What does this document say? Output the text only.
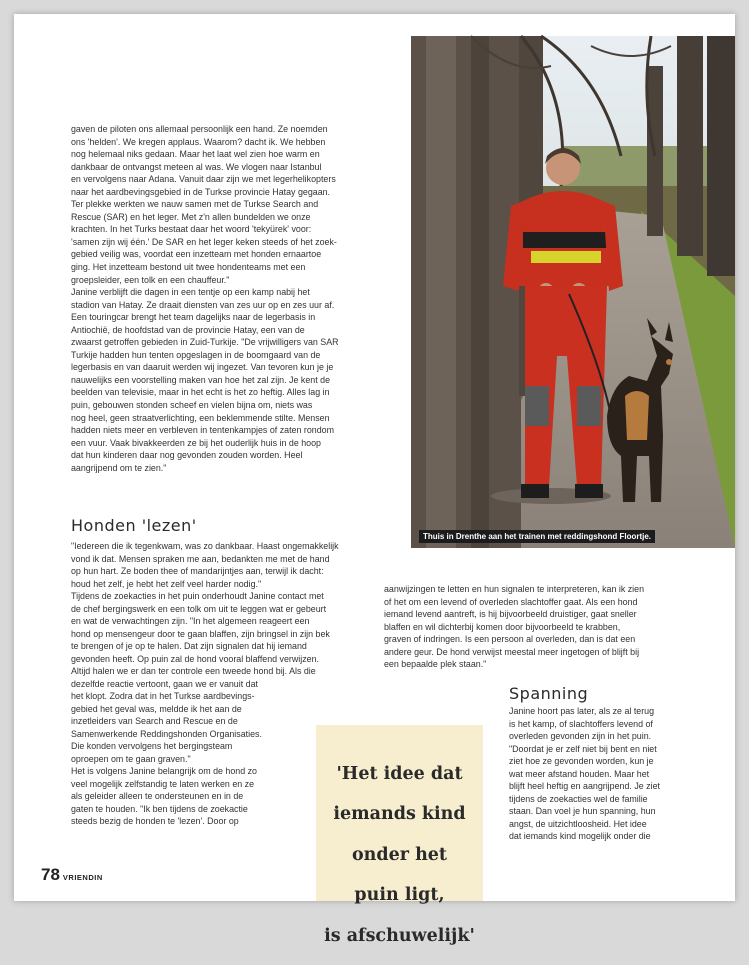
gaven de piloten ons allemaal persoonlijk een hand. Ze noemden

ons 'helden'. We kregen applaus. Waarom? dacht ik. We hebben

nog helemaal niks gedaan. Maar het laat wel zien hoe warm en

dankbaar de ontvangst meteen al was. We vlogen naar Istanbul

en vervolgens naar Adana. Vanuit daar zijn we met legerhelikopters

naar het aardbevingsgebied in de Turkse provincie Hatay gegaan.

Ter plekke werkten we nauw samen met de Turkse Search and

Rescue (SAR) en het leger. Met z'n allen bundelden we onze

krachten. In het Turks bestaat daar het woord 'tekyürek' voor:

'samen zijn wij één.' De SAR en het leger keken steeds of het zoek-

gebied veilig was, voordat een inzetteam met honden ernaartoe

ging. Het inzetteam bestond uit twee hondenteams met een

groepsleider, een tolk en een chauffeur."

Janine verblijft die dagen in een tentje op een kamp nabij het

stadion van Hatay. Ze draait diensten van zes uur op en zes uur af.

Een touringcar brengt het team dagelijks naar de legerbasis in

Antiochië, de hoofdstad van de provincie Hatay, een van de

zwaarst getroffen gebieden in Zuid-Turkije. "De vrijwilligers van SAR

Turkije hadden hun tenten opgeslagen in de boomgaard van de

legerbasis en van daaruit werden wij ingezet. Van tevoren kun je je

nauwelijks een voorstelling maken van hoe het zal zijn. Je kent de

beelden van televisie, maar in het echt is het zo heftig. Alles lag in

puin, gebouwen stonden scheef en vielen bijna om, niets was

nog heel, geen straatverlichting, een beklemmende stilte. Mensen

hadden niets meer en verbleven in tentenkampjes of zaten rondom

een vuur. Vaak bivakkeerden ze bij het ouderlijk huis in de hoop

dat hun kinderen daar nog gevonden zouden worden. Heel

aangrijpend om te zien."

Honden 'lezen'

"Iedereen die ik tegenkwam, was zo dankbaar. Haast ongemakkelijk

vond ik dat. Mensen spraken me aan, bedankten me met de hand

op hun hart. Ze boden thee of mandarijntjes aan, terwijl ik dacht:

houd het zelf, je hebt het zelf veel harder nodig."

Tijdens de zoekacties in het puin onderhoudt Janine contact met

de chef bergingswerk en een tolk om uit te leggen wat er gebeurt

en wat de verwachtingen zijn. "In het algemeen reageert een

hond op mensengeur door te gaan blaffen, zijn bringsel in zijn bek

te brengen of je op te halen. Dat zijn signalen dat hij iemand

gevonden heeft. Op puin zal de hond vooral blaffend verwijzen.

Altijd halen we er dan ter controle een tweede hond bij. Als die

dezelfde reactie vertoont, gaan we er vanuit dat

het klopt. Zodra dat in het Turkse aardbevings-

gebied het geval was, meldde ik het aan de

inzetleiders van Search and Rescue en de

Samenwerkende Reddingshonden Organisaties.

Die konden vervolgens het bergingsteam

oproepen om te gaan graven."

Het is volgens Janine belangrijk om de hond zo

veel mogelijk zelfstandig te laten werken en ze

als geleider alleen te ondersteunen en in de

gaten te houden. "Ik ben tijdens de zoekactie

steeds bezig de honden te 'lezen'. Door op

aanwijzingen te letten en hun signalen te interpreteren, kan ik zien

of het om een levend of overleden slachtoffer gaat. Als een hond

iemand levend aantreft, is hij bijvoorbeeld druistiger, gaat sneller

blaffen en wil dichterbij komen door bijvoorbeeld te krabben,

graven of indringen. Is een persoon al overleden, dan is dat een

andere geur. De hond verwijst meestal meer ingetogen of blijft bij

een bepaalde plek staan."

Spanning

Janine hoort pas later, als ze al terug

is het kamp, of slachtoffers levend of

overleden gevonden zijn in het puin.

"Doordat je er zelf niet bij bent en niet

ziet hoe ze gevonden worden, kun je

wat meer afstand houden. Maar het

blijft heel heftig en aangrijpend. Je ziet

tijdens de zoekacties wel de familie

staan. Dan voel je hun spanning, hun

angst, de uitzichtloosheid. Het idee

dat iemands kind mogelijk onder die

Thuis in Drenthe aan het trainen met reddingshond Floortje.

'Het idee dat

iemands kind

onder het

puin ligt,

is afschuwelijk'

78 VRIENDIN
